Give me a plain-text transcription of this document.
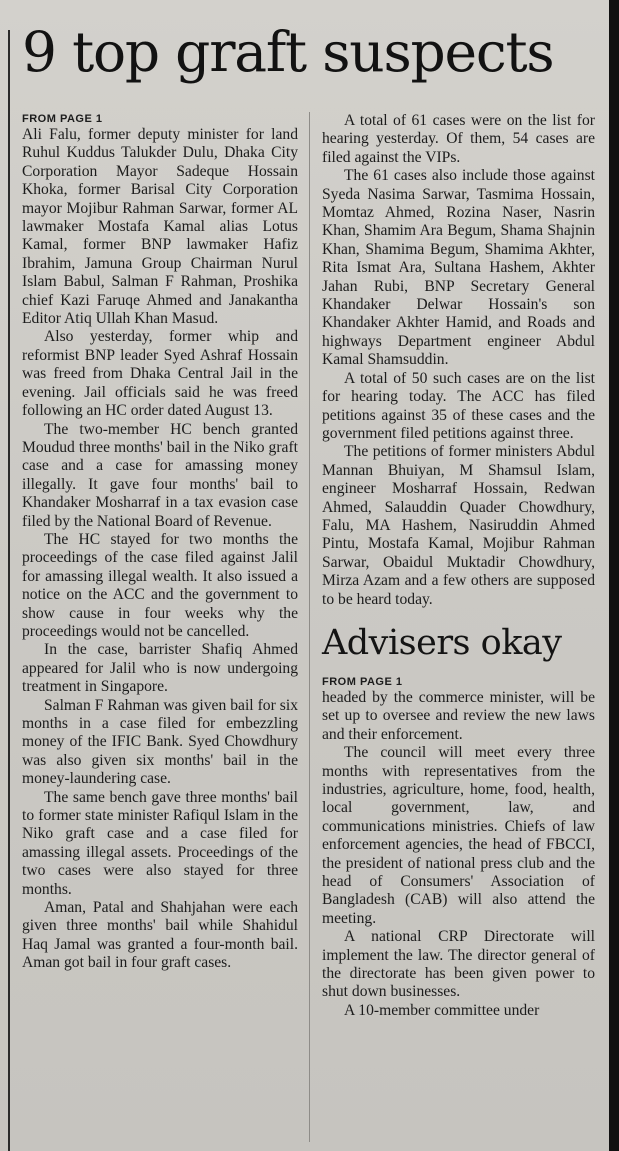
9 top graft suspects

FROM PAGE 1

Ali Falu, former deputy minister for land Ruhul Kuddus Talukder Dulu, Dhaka City Corporation Mayor Sadeque Hossain Khoka, former Barisal City Corporation mayor Mojibur Rahman Sarwar, former AL lawmaker Mostafa Kamal alias Lotus Kamal, former BNP lawmaker Hafiz Ibrahim, Jamuna Group Chairman Nurul Islam Babul, Salman F Rahman, Proshika chief Kazi Faruqe Ahmed and Janakantha Editor Atiq Ullah Khan Masud.

Also yesterday, former whip and reformist BNP leader Syed Ashraf Hossain was freed from Dhaka Central Jail in the evening. Jail officials said he was freed following an HC order dated August 13.

The two-member HC bench granted Moudud three months' bail in the Niko graft case and a case for amassing money illegally. It gave four months' bail to Khandaker Mosharraf in a tax evasion case filed by the National Board of Revenue.

The HC stayed for two months the proceedings of the case filed against Jalil for amassing illegal wealth. It also issued a notice on the ACC and the government to show cause in four weeks why the proceedings would not be cancelled.

In the case, barrister Shafiq Ahmed appeared for Jalil who is now undergoing treatment in Singapore.

Salman F Rahman was given bail for six months in a case filed for embezzling money of the IFIC Bank. Syed Chowdhury was also given six months' bail in the money-laundering case.

The same bench gave three months' bail to former state minister Rafiqul Islam in the Niko graft case and a case filed for amassing illegal assets. Proceedings of the two cases were also stayed for three months.

Aman, Patal and Shahjahan were each given three months' bail while Shahidul Haq Jamal was granted a four-month bail. Aman got bail in four graft cases.

A total of 61 cases were on the list for hearing yesterday. Of them, 54 cases are filed against the VIPs.

The 61 cases also include those against Syeda Nasima Sarwar, Tasmima Hossain, Momtaz Ahmed, Rozina Naser, Nasrin Khan, Shamim Ara Begum, Shama Shajnin Khan, Shamima Begum, Shamima Akhter, Rita Ismat Ara, Sultana Hashem, Akhter Jahan Rubi, BNP Secretary General Khandaker Delwar Hossain's son Khandaker Akhter Hamid, and Roads and highways Department engineer Abdul Kamal Shamsuddin.

A total of 50 such cases are on the list for hearing today. The ACC has filed petitions against 35 of these cases and the government filed petitions against three.

The petitions of former ministers Abdul Mannan Bhuiyan, M Shamsul Islam, engineer Mosharraf Hossain, Redwan Ahmed, Salauddin Quader Chowdhury, Falu, MA Hashem, Nasiruddin Ahmed Pintu, Mostafa Kamal, Mojibur Rahman Sarwar, Obaidul Muktadir Chowdhury, Mirza Azam and a few others are supposed to be heard today.

Advisers okay

FROM PAGE 1

headed by the commerce minister, will be set up to oversee and review the new laws and their enforcement.

The council will meet every three months with representatives from the industries, agriculture, home, food, health, local government, law, and communications ministries. Chiefs of law enforcement agencies, the head of FBCCI, the president of national press club and the head of Consumers' Association of Bangladesh (CAB) will also attend the meeting.

A national CRP Directorate will implement the law. The director general of the directorate has been given power to shut down businesses.

A 10-member committee under
